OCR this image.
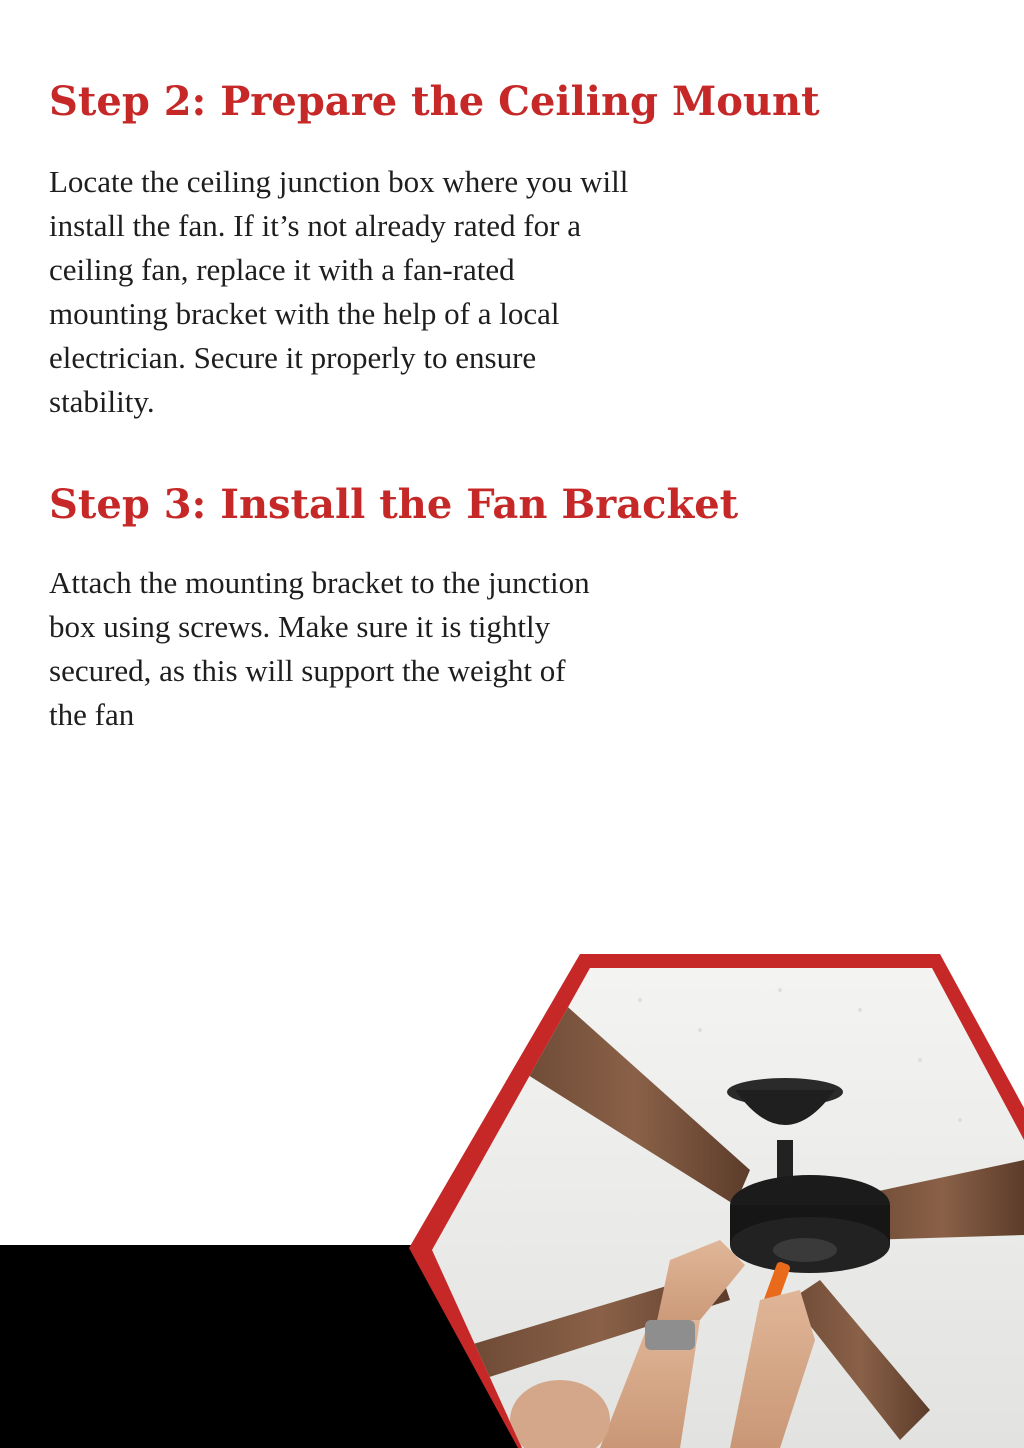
Step 2: Prepare the Ceiling Mount

Locate the ceiling junction box where you will
install the fan. If it’s not already rated for a
ceiling fan, replace it with a fan-rated
mounting bracket with the help of a local
electrician. Secure it properly to ensure
stability.

Step 3: Install the Fan Bracket

Attach the mounting bracket to the junction
box using screws. Make sure it is tightly
secured, as this will support the weight of
the fan
